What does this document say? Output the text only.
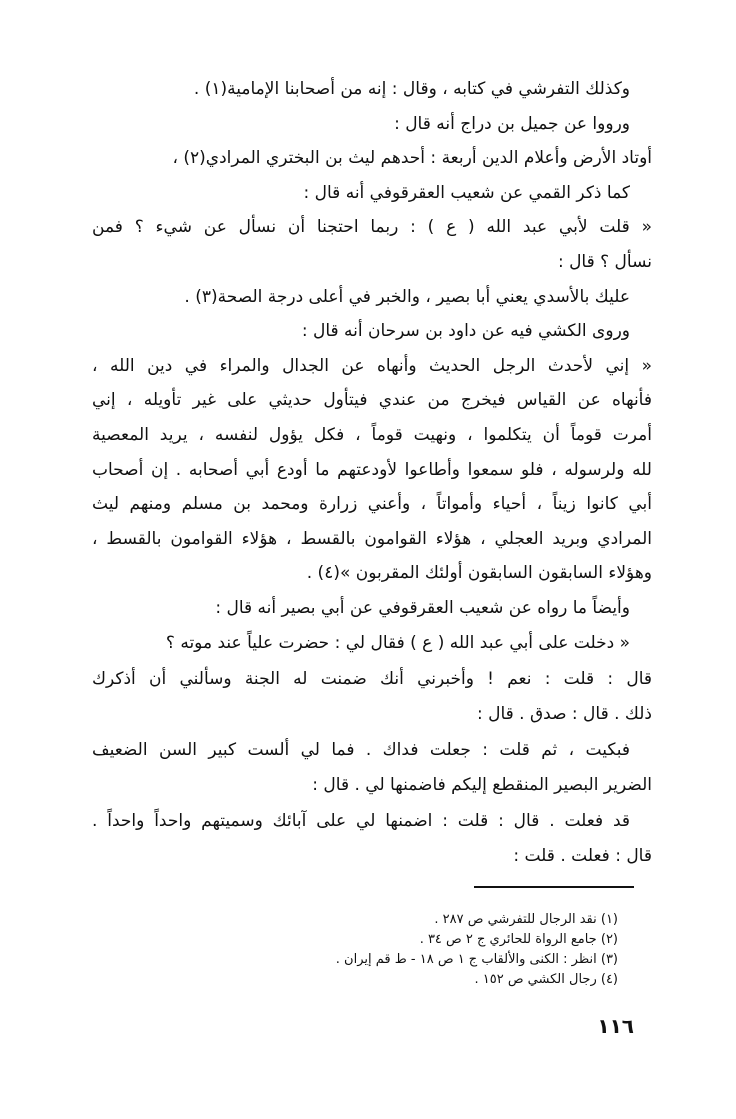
وكذلك التفرشي في كتابه ، وقال : إنه من أصحابنا الإمامية(١) .
ورووا عن جميل بن دراج أنه قال :
أوتاد الأرض وأعلام الدين أربعة : أحدهم ليث بن البختري المرادي(٢) ،
كما ذكر القمي عن شعيب العقرقوفي أنه قال :
« قلت لأبي عبد الله ( ع ) : ربما احتجنا أن نسأل عن شيء ؟ فمن
نسأل ؟ قال :
عليك بالأسدي يعني أبا بصير ، والخبر في أعلى درجة الصحة(٣) .
وروى الكشي فيه عن داود بن سرحان أنه قال :
« إني لأحدث الرجل الحديث وأنهاه عن الجدال والمراء في دين الله ،
فأنهاه عن القياس فيخرج من عندي فيتأول حديثي على غير تأويله ، إني
أمرت قوماً أن يتكلموا ، ونهيت قوماً ، فكل يؤول لنفسه ، يريد المعصية
لله ولرسوله ، فلو سمعوا وأطاعوا لأودعتهم ما أودع أبي أصحابه . إن أصحاب
أبي كانوا زيناً ، أحياء وأمواتاً ، وأعني زرارة ومحمد بن مسلم ومنهم ليث
المرادي وبريد العجلي ، هؤلاء القوامون بالقسط ، هؤلاء القوامون بالقسط ،
وهؤلاء السابقون السابقون أولئك المقربون »(٤) .
وأيضاً ما رواه عن شعيب العقرقوفي عن أبي بصير أنه قال :
« دخلت على أبي عبد الله ( ع ) فقال لي : حضرت علياً عند موته ؟
قال : قلت : نعم ! وأخبرني أنك ضمنت له الجنة وسألني أن أذكرك
ذلك . قال : صدق . قال :
فبكيت ، ثم قلت : جعلت فداك . فما لي ألست كبير السن الضعيف
الضرير البصير المنقطع إليكم فاضمنها لي . قال :
قد فعلت . قال : قلت : اضمنها لي على آبائك وسميتهم واحداً واحداً .
قال : فعلت . قلت :
(١) نقد الرجال للتفرشي ص ٢٨٧ .
(٢) جامع الرواة للحائري ج ٢ ص ٣٤ .
(٣) انظر : الكنى والألقاب ج ١ ص ١٨ - ط قم إيران .
(٤) رجال الكشي ص ١٥٢ .
١١٦
